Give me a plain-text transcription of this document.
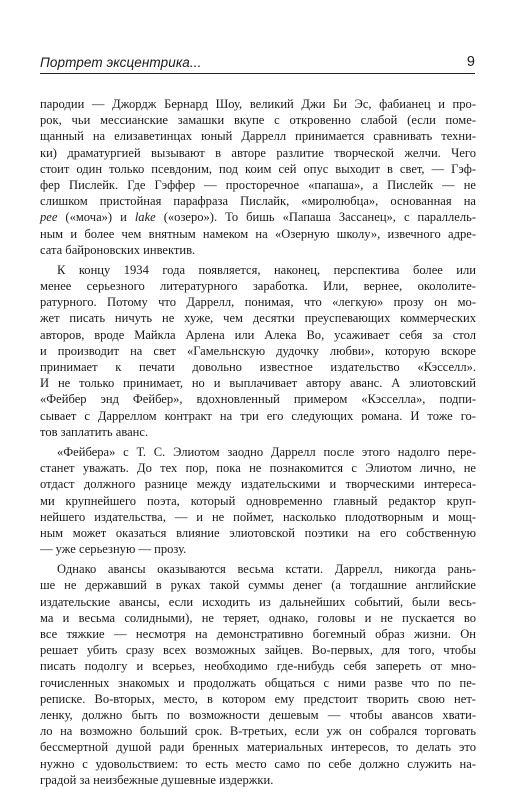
Портрет эксцентрика...	9
пародии — Джордж Бернард Шоу, великий Джи Би Эс, фабианец и про-
рок, чьи мессианские замашки вкупе с откровенно слабой (если поме-
щанный на елизаветинцах юный Даррелл принимается сравнивать техни-
ки) драматургией вызывают в авторе разлитие творческой желчи. Чего
стоит один только псевдоним, под коим сей опус выходит в свет, — Гэф-
фер Пислейк. Где Гэффер — просторечное «папаша», а Пислейк — не
слишком пристойная парафраза Пислайк, «миролюбца», основанная на
pee («моча») и lake («озеро»). То бишь «Папаша Зассанец», с параллель-
ным и более чем внятным намеком на «Озерную школу», извечного адре-
сата байроновских инвектив.
К концу 1934 года появляется, наконец, перспектива более или
менее серьезного литературного заработка. Или, вернее, окололите-
ратурного. Потому что Даррелл, понимая, что «легкую» прозу он мо-
жет писать ничуть не хуже, чем десятки преуспевающих коммерческих
авторов, вроде Майкла Арлена или Алека Во, усаживает себя за стол
и производит на свет «Гамельнскую дудочку любви», которую вскоре
принимает к печати довольно известное издательство «Кэсселл».
И не только принимает, но и выплачивает автору аванс. А элиотовский
«Фейбер энд Фейбер», вдохновленный примером «Кэсселла», подпи-
сывает с Дарреллом контракт на три его следующих романа. И тоже го-
тов заплатить аванс.
«Фейбера» с Т. С. Элиотом заодно Даррелл после этого надолго пере-
станет уважать. До тех пор, пока не познакомится с Элиотом лично, не
отдаст должного разнице между издательскими и творческими интереса-
ми крупнейшего поэта, который одновременно главный редактор круп-
нейшего издательства, — и не поймет, насколько плодотворным и мощ-
ным может оказаться влияние элиотовской поэтики на его собственную
— уже серьезную — прозу.
Однако авансы оказываются весьма кстати. Даррелл, никогда рань-
ше не державший в руках такой суммы денег (а тогдашние английские
издательские авансы, если исходить из дальнейших событий, были весь-
ма и весьма солидными), не теряет, однако, головы и не пускается во
все тяжкие — несмотря на демонстративно богемный образ жизни. Он
решает убить сразу всех возможных зайцев. Во-первых, для того, чтобы
писать подолгу и всерьез, необходимо где-нибудь себя запереть от мно-
гочисленных знакомых и продолжать общаться с ними разве что по пе-
реписке. Во-вторых, место, в котором ему предстоит творить свою нет-
ленку, должно быть по возможности дешевым — чтобы авансов хвати-
ло на возможно больший срок. В-третьих, если уж он собрался торговать
бессмертной душой ради бренных материальных интересов, то делать это
нужно с удовольствием: то есть место само по себе должно служить на-
градой за неизбежные душевные издержки.
